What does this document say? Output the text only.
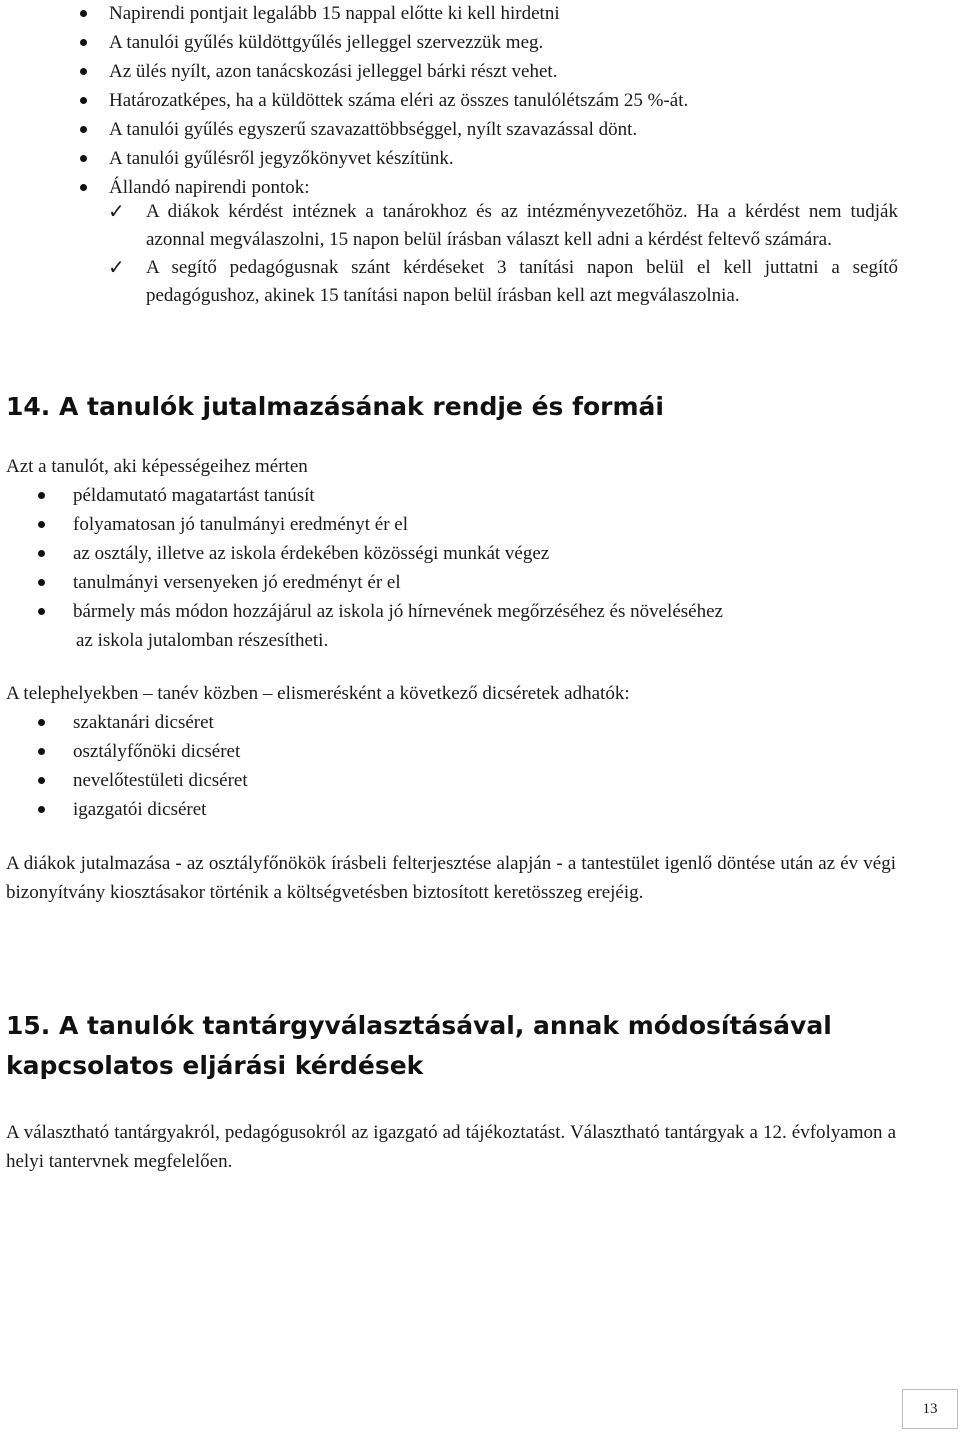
Napirendi pontjait legalább 15 nappal előtte ki kell hirdetni
A tanulói gyűlés küldöttgyűlés jelleggel szervezzük meg.
Az ülés nyílt, azon tanácskozási jelleggel bárki részt vehet.
Határozatképes, ha a küldöttek száma eléri az összes tanulólétszám 25 %-át.
A tanulói gyűlés egyszerű szavazattöbbséggel, nyílt szavazással dönt.
A tanulói gyűlésről jegyzőkönyvet készítünk.
Állandó napirendi pontok:
✓ A diákok kérdést intéznek a tanárokhoz és az intézményvezetőhöz. Ha a kérdést nem tudják azonnal megválaszolni, 15 napon belül írásban választ kell adni a kérdést feltevő számára.
✓ A segítő pedagógusnak szánt kérdéseket 3 tanítási napon belül el kell juttatni a segítő pedagógushoz, akinek 15 tanítási napon belül írásban kell azt megválaszolnia.
14. A tanulók jutalmazásának rendje és formái

Azt a tanulót, aki képességeihez mérten

példamutató magatartást tanúsít
folyamatosan jó tanulmányi eredményt ér el
az osztály, illetve az iskola érdekében közösségi munkát végez
tanulmányi versenyeken jó eredményt ér el
bármely más módon hozzájárul az iskola jó hírnevének megőrzéséhez és növeléséhez

az iskola jutalomban részesítheti.

A telephelyekben – tanév közben – elismerésként a következő dicséretek adhatók:

szaktanári dicséret
osztályfőnöki dicséret
nevelőtestületi dicséret
igazgatói dicséret

A diákok jutalmazása - az osztályfőnökök írásbeli felterjesztése alapján - a tantestület igenlő döntése után az év végi bizonyítvány kiosztásakor történik a költségvetésben biztosított keretösszeg erejéig.

15. A tanulók tantárgyválasztásával, annak módosításával kapcsolatos eljárási kérdések

A választható tantárgyakról, pedagógusokról az igazgató ad tájékoztatást. Választható tantárgyak a 12. évfolyamon a helyi tantervnek megfelelően.

13
